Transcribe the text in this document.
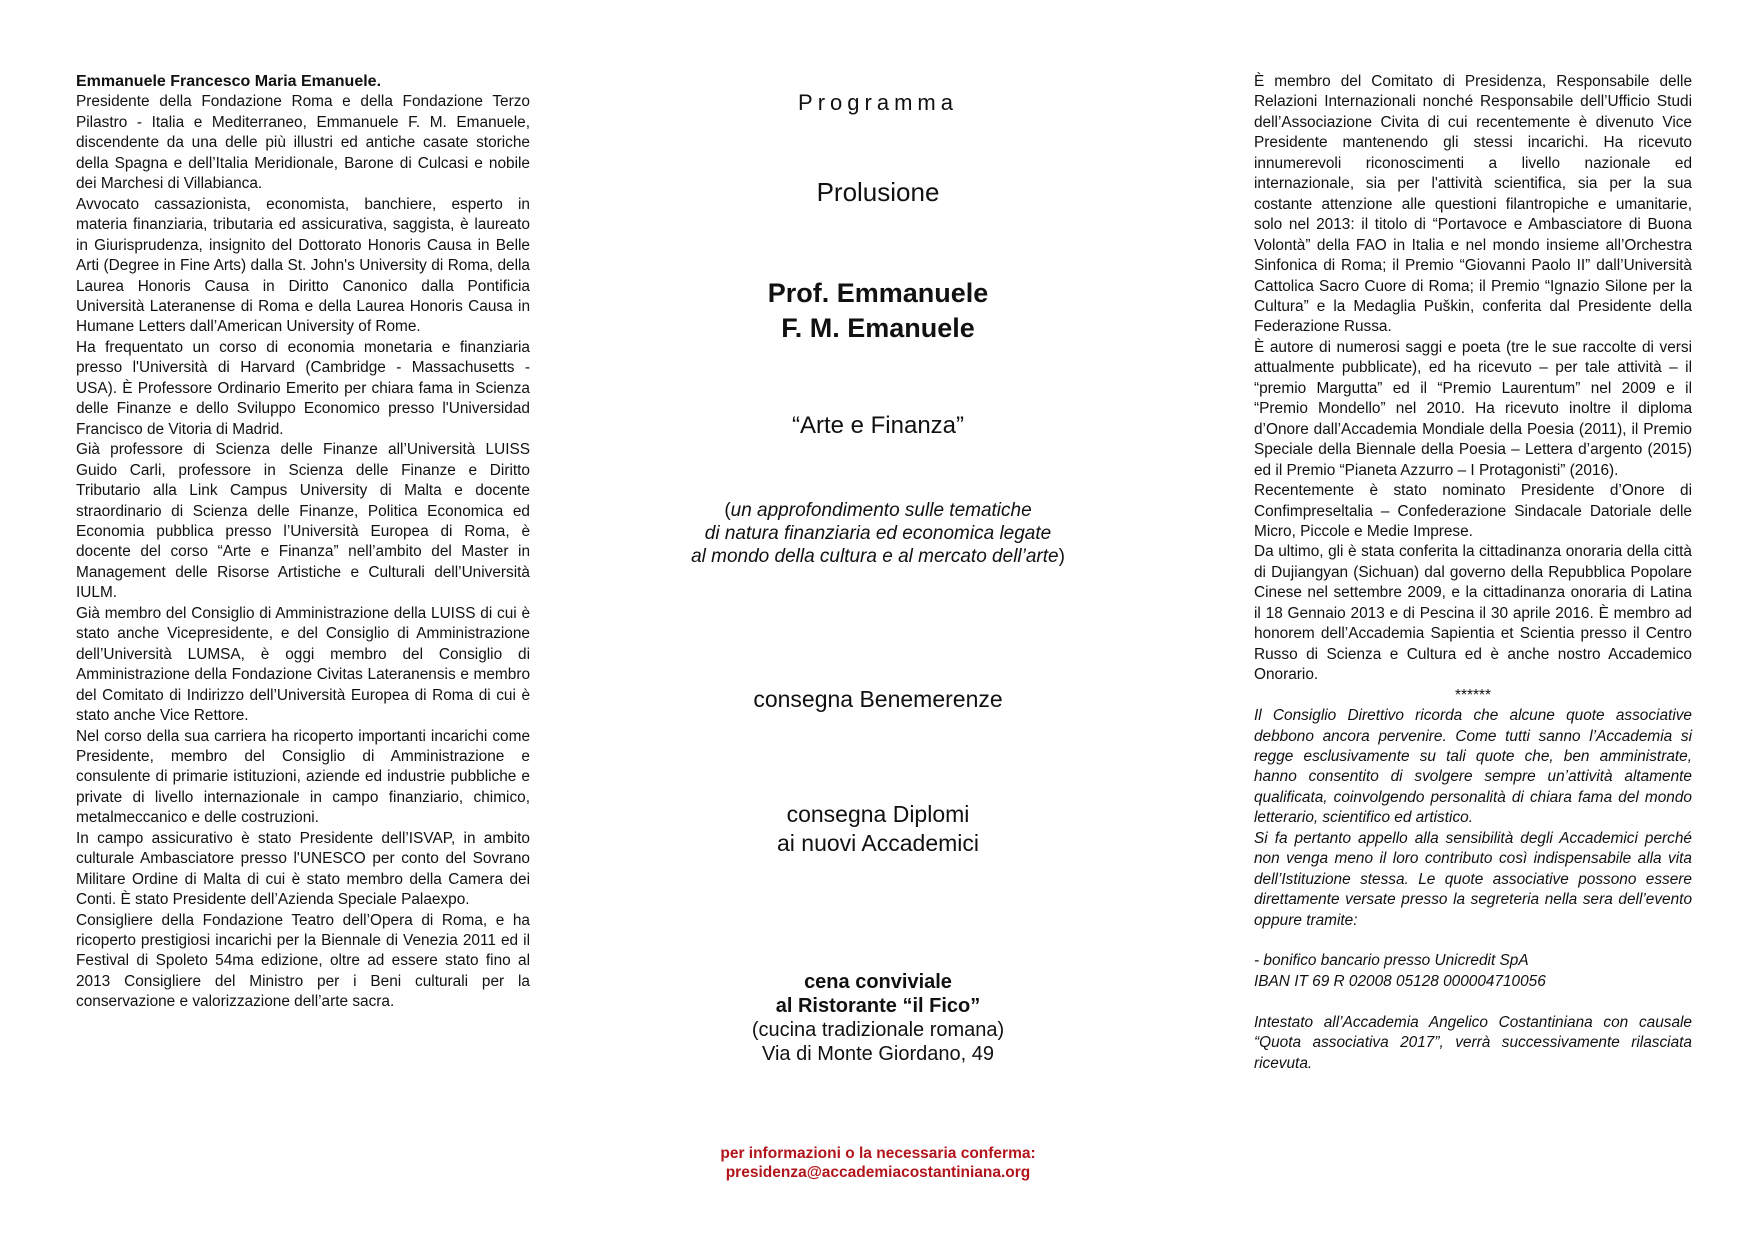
Emmanuele Francesco Maria Emanuele.

Presidente della Fondazione Roma e della Fondazione Terzo Pilastro - Italia e Mediterraneo, Emmanuele F. M. Emanuele, discendente da una delle più illustri ed antiche casate storiche della Spagna e dell’Italia Meridionale, Barone di Culcasi e nobile dei Marchesi di Villabianca.

Avvocato cassazionista, economista, banchiere, esperto in materia finanziaria, tributaria ed assicurativa, saggista, è laureato in Giurisprudenza, insignito del Dottorato Honoris Causa in Belle Arti (Degree in Fine Arts) dalla St. John's University di Roma, della Laurea Honoris Causa in Diritto Canonico dalla Pontificia Università Lateranense di Roma e della Laurea Honoris Causa in Humane Letters dall’American University of Rome.

Ha frequentato un corso di economia monetaria e finanziaria presso l'Università di Harvard (Cambridge - Massachusetts - USA). È Professore Ordinario Emerito per chiara fama in Scienza delle Finanze e dello Sviluppo Economico presso l'Universidad Francisco de Vitoria di Madrid.

Già professore di Scienza delle Finanze all’Università LUISS Guido Carli, professore in Scienza delle Finanze e Diritto Tributario alla Link Campus University di Malta e docente straordinario di Scienza delle Finanze, Politica Economica ed Economia pubblica presso l’Università Europea di Roma, è docente del corso “Arte e Finanza” nell’ambito del Master in Management delle Risorse Artistiche e Culturali dell’Università IULM.

Già membro del Consiglio di Amministrazione della LUISS di cui è stato anche Vicepresidente, e del Consiglio di Amministrazione dell’Università LUMSA, è oggi membro del Consiglio di Amministrazione della Fondazione Civitas Lateranensis e membro del Comitato di Indirizzo dell’Università Europea di Roma di cui è stato anche Vice Rettore.

Nel corso della sua carriera ha ricoperto importanti incarichi come Presidente, membro del Consiglio di Amministrazione e consulente di primarie istituzioni, aziende ed industrie pubbliche e private di livello internazionale in campo finanziario, chimico, metalmeccanico e delle costruzioni.

In campo assicurativo è stato Presidente dell’ISVAP, in ambito culturale Ambasciatore presso l'UNESCO per conto del Sovrano Militare Ordine di Malta di cui è stato membro della Camera dei Conti. È stato Presidente dell’Azienda Speciale Palaexpo.

Consigliere della Fondazione Teatro dell’Opera di Roma, e ha ricoperto prestigiosi incarichi per la Biennale di Venezia 2011 ed il Festival di Spoleto 54ma edizione, oltre ad essere stato fino al 2013 Consigliere del Ministro per i Beni culturali per la conservazione e valorizzazione dell’arte sacra.

Programma
Prolusione
Prof. Emmanuele
F. M. Emanuele
“Arte e Finanza”
(un approfondimento sulle tematiche
di natura finanziaria ed economica legate
al mondo della cultura e al mercato dell’arte)
consegna Benemerenze
consegna Diplomi
ai nuovi Accademici
cena conviviale
al Ristorante “il Fico”
(cucina tradizionale romana)
Via di Monte Giordano, 49
per informazioni o la necessaria conferma:
presidenza@accademiacostantiniana.org

È membro del Comitato di Presidenza, Responsabile delle Relazioni Internazionali nonché Responsabile dell’Ufficio Studi dell’Associazione Civita di cui recentemente è divenuto Vice Presidente mantenendo gli stessi incarichi. Ha ricevuto innumerevoli riconoscimenti a livello nazionale ed internazionale, sia per l'attività scientifica, sia per la sua costante attenzione alle questioni filantropiche e umanitarie, solo nel 2013: il titolo di “Portavoce e Ambasciatore di Buona Volontà” della FAO in Italia e nel mondo insieme all’Orchestra Sinfonica di Roma; il Premio “Giovanni Paolo II” dall’Università Cattolica Sacro Cuore di Roma; il Premio “Ignazio Silone per la Cultura” e la Medaglia Puškin, conferita dal Presidente della Federazione Russa.

È autore di numerosi saggi e poeta (tre le sue raccolte di versi attualmente pubblicate), ed ha ricevuto – per tale attività – il “premio Margutta” ed il “Premio Laurentum” nel 2009 e il “Premio Mondello” nel 2010. Ha ricevuto inoltre il diploma d’Onore dall’Accademia Mondiale della Poesia (2011), il Premio Speciale della Biennale della Poesia – Lettera d’argento (2015) ed il Premio “Pianeta Azzurro – I Protagonisti” (2016).

Recentemente è stato nominato Presidente d’Onore di Confimpreseltalia – Confederazione Sindacale Datoriale delle Micro, Piccole e Medie Imprese.

Da ultimo, gli è stata conferita la cittadinanza onoraria della città di Dujiangyan (Sichuan) dal governo della Repubblica Popolare Cinese nel settembre 2009, e la cittadinanza onoraria di Latina il 18 Gennaio 2013 e di Pescina il 30 aprile 2016. È membro ad honorem dell’Accademia Sapientia et Scientia presso il Centro Russo di Scienza e Cultura ed è anche nostro Accademico Onorario.

******

Il Consiglio Direttivo ricorda che alcune quote associative debbono ancora pervenire. Come tutti sanno l’Accademia si regge esclusivamente su tali quote che, ben amministrate, hanno consentito di svolgere sempre un’attività altamente qualificata, coinvolgendo personalità di chiara fama del mondo letterario, scientifico ed artistico.

Si fa pertanto appello alla sensibilità degli Accademici perché non venga meno il loro contributo così indispensabile alla vita dell’Istituzione stessa. Le quote associative possono essere direttamente versate presso la segreteria nella sera dell’evento oppure tramite:

- bonifico bancario presso Unicredit SpA

IBAN IT 69 R 02008 05128 000004710056

Intestato all’Accademia Angelico Costantiniana con causale “Quota associativa 2017”, verrà successivamente rilasciata ricevuta.
